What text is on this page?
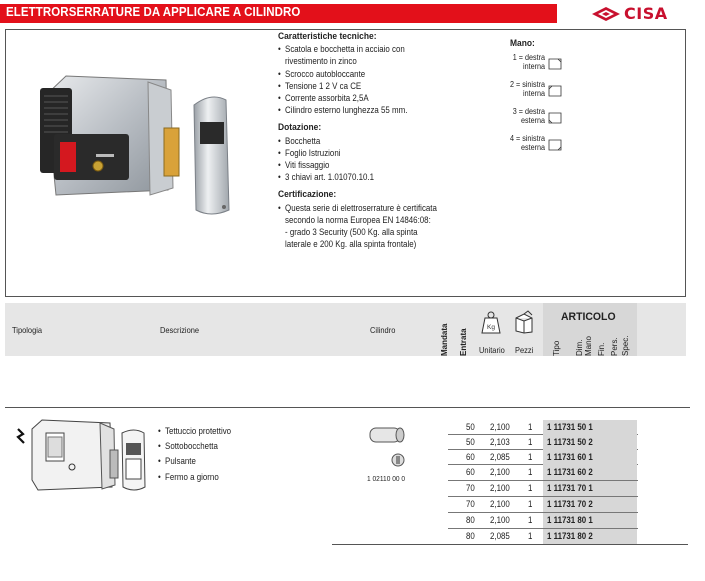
ELETTRORSERRATURE DA APPLICARE A CILINDRO	CISA
Caratteristiche tecniche:
• Scatola e bocchetta in acciaio con
rivestimento in zinco
• Scrocco autobloccante
• Tensione 1 2 V ca CE
• Corrente assorbita 2,5A
• Cilindro esterno lunghezza 55 mm.
Dotazione:
• Bocchetta
• Foglio Istruzioni
• Viti fissaggio
• 3 chiavi art. 1.01070.10.1
Certificazione:
• Questa serie di elettroserrature è certificata
secondo la norma Europea EN 14846:08:
- grado 3 Security (500 Kg. alla spinta
laterale e 200 Kg. alla spinta frontale)
Mano:
1 = destra
interna
2 = sinistra
interna
3 = destra
esterna
4 = sinistra
esterna
Tipologia	Descrizione	Cilindro	Mandata Entrata
Kg
Unitario Pezzi
ARTICOLO
Tipo Dim. Mano Fin. Pers. Spec.
• Tettuccio protettivo
• Sottobocchetta
• Pulsante
• Fermo a giorno	1 02110 00 0
50 2,100 1 1 11731 50 1
50 2,103 1 1 11731 50 2
60 2,085 1 1 11731 60 1
60 2,100 1 1 11731 60 2
70 2,100 1 1 11731 70 1
70 2,100 1 1 11731 70 2
80 2,100 1 1 11731 80 1
80 2,085 1 1 11731 80 2
